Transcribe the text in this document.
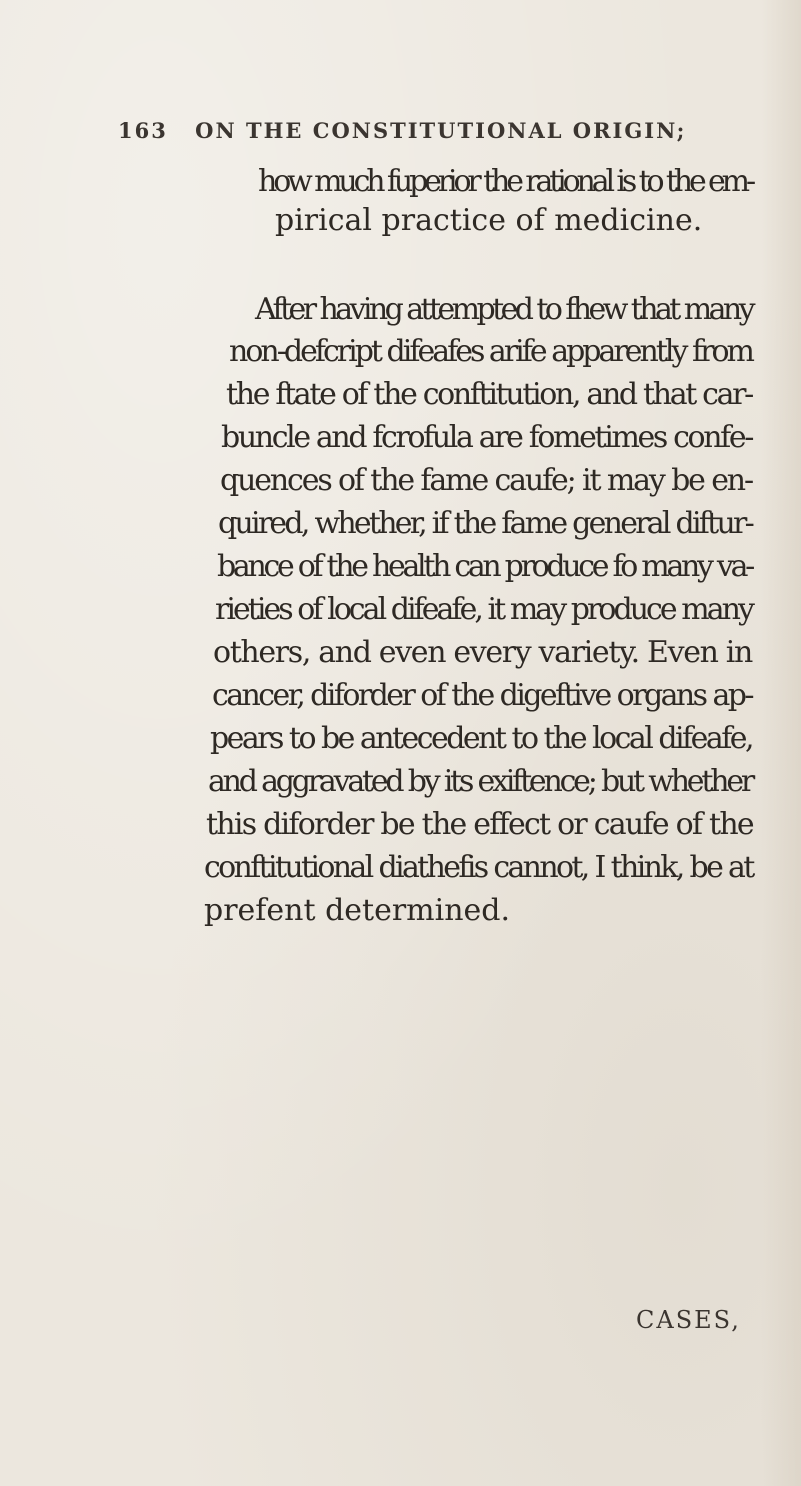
163 ON THE CONSTITUTIONAL ORIGIN;
how much fuperior the rational is to the em-
pirical practice of medicine.
After having attempted to fhew that many
non-defcript difeafes arife apparently from
the ftate of the conftitution, and that car-
buncle and fcrofula are fometimes confe-
quences of the fame caufe; it may be en-
quired, whether, if the fame general diftur-
bance of the health can produce fo many va-
rieties of local difeafe, it may produce many
others, and even every variety. Even in
cancer, diforder of the digeftive organs ap-
pears to be antecedent to the local difeafe,
and aggravated by its exiftence; but whether
this diforder be the effect or caufe of the
conftitutional diathefis cannot, I think, be at
prefent determined.
CASES,
